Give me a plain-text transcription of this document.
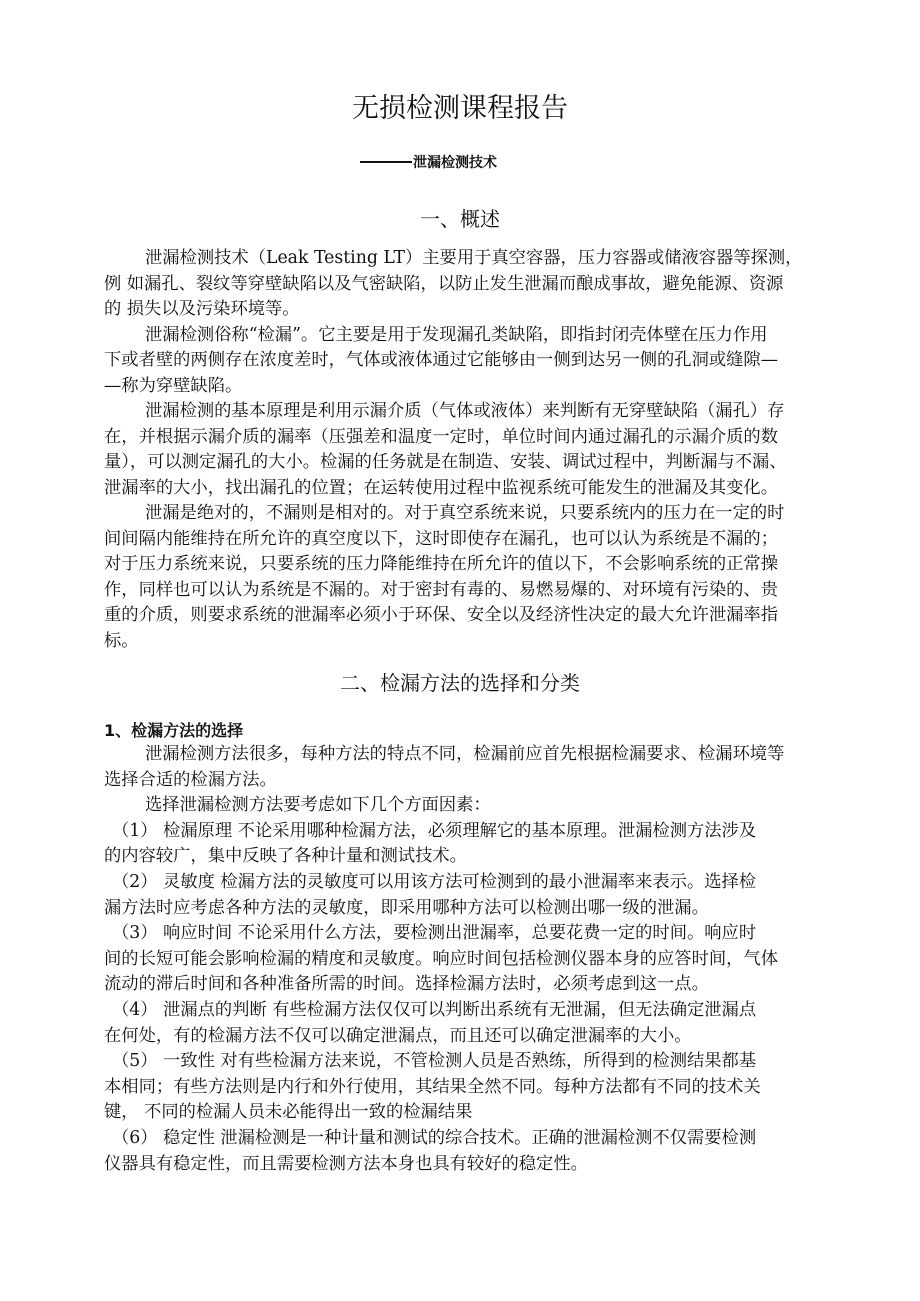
无损检测课程报告
泄漏检测技术
一、概述
泄漏检测技术（Leak Testing LT）主要用于真空容器，压力容器或储液容器等探测，
例 如漏孔、裂纹等穿壁缺陷以及气密缺陷，以防止发生泄漏而酿成事故，避免能源、资源
的 损失以及污染环境等。
泄漏检测俗称“检漏”。它主要是用于发现漏孔类缺陷，即指封闭壳体壁在压力作用
下或者壁的两侧存在浓度差时，气体或液体通过它能够由一侧到达另一侧的孔洞或缝隙—
—称为穿壁缺陷。
泄漏检测的基本原理是利用示漏介质（气体或液体）来判断有无穿壁缺陷（漏孔）存
在，并根据示漏介质的漏率（压强差和温度一定时，单位时间内通过漏孔的示漏介质的数
量），可以测定漏孔的大小。检漏的任务就是在制造、安装、调试过程中，判断漏与不漏、
泄漏率的大小，找出漏孔的位置；在运转使用过程中监视系统可能发生的泄漏及其变化。
泄漏是绝对的，不漏则是相对的。对于真空系统来说，只要系统内的压力在一定的时
间间隔内能维持在所允许的真空度以下，这时即使存在漏孔，也可以认为系统是不漏的；
对于压力系统来说，只要系统的压力降能维持在所允许的值以下，不会影响系统的正常操
作，同样也可以认为系统是不漏的。对于密封有毒的、易燃易爆的、对环境有污染的、贵
重的介质，则要求系统的泄漏率必须小于环保、安全以及经济性决定的最大允许泄漏率指
标。
二、检漏方法的选择和分类
1、检漏方法的选择
泄漏检测方法很多，每种方法的特点不同，检漏前应首先根据检漏要求、检漏环境等
选择合适的检漏方法。
选择泄漏检测方法要考虑如下几个方面因素：
（1） 检漏原理 不论采用哪种检漏方法，必须理解它的基本原理。泄漏检测方法涉及
的内容较广，集中反映了各种计量和测试技术。
（2） 灵敏度 检漏方法的灵敏度可以用该方法可检测到的最小泄漏率来表示。选择检
漏方法时应考虑各种方法的灵敏度，即采用哪种方法可以检测出哪一级的泄漏。
（3） 响应时间 不论采用什么方法，要检测出泄漏率，总要花费一定的时间。响应时
间的长短可能会影响检漏的精度和灵敏度。响应时间包括检测仪器本身的应答时间，气体
流动的滞后时间和各种准备所需的时间。选择检漏方法时，必须考虑到这一点。
（4） 泄漏点的判断 有些检漏方法仅仅可以判断出系统有无泄漏，但无法确定泄漏点
在何处，有的检漏方法不仅可以确定泄漏点，而且还可以确定泄漏率的大小。
（5） 一致性 对有些检漏方法来说，不管检测人员是否熟练，所得到的检测结果都基
本相同；有些方法则是内行和外行使用，其结果全然不同。每种方法都有不同的技术关
键， 不同的检漏人员未必能得出一致的检漏结果
（6） 稳定性 泄漏检测是一种计量和测试的综合技术。正确的泄漏检测不仅需要检测
仪器具有稳定性，而且需要检测方法本身也具有较好的稳定性。
